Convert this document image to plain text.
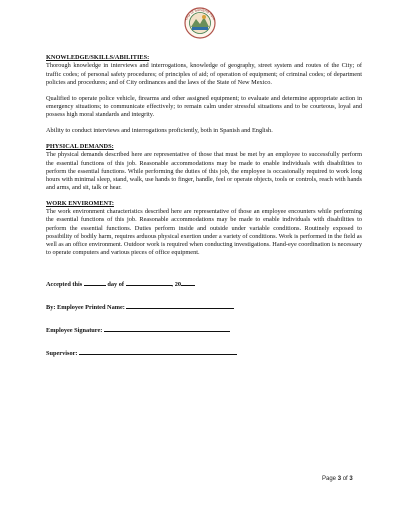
City of Sunland Park

KNOWLEDGE/SKILLS/ABILITIES:

Thorough knowledge in interviews and interrogations, knowledge of geography, street system and routes of the City; of traffic codes; of personal safety procedures; of principles of aid; of operation of equipment; of criminal codes; of department policies and procedures; and of City ordinances and the laws of the State of New Mexico.

Qualified to operate police vehicle, firearms and other assigned equipment; to evaluate and determine appropriate action in emergency situations; to communicate effectively; to remain calm under stressful situations and to be courteous, loyal and possess high moral standards and integrity.

Ability to conduct interviews and interrogations proficiently, both in Spanish and English.

PHYSICAL DEMANDS:

The physical demands described here are representative of those that must be met by an employee to successfully perform the essential functions of this job. Reasonable accommodations may be made to enable individuals with disabilities to perform the essential functions. While performing the duties of this job, the employee is occasionally required to work long hours with minimal sleep, stand, walk, use hands to finger, handle, feel or operate objects, tools or controls, reach with hands and arms, and sit, talk or hear.

WORK ENVIROMENT:

The work environment characteristics described here are representative of those an employee encounters while performing the essential functions of this job. Reasonable accommodations may be made to enable individuals with disabilities to perform the essential functions. Duties perform inside and outside under variable conditions. Routinely exposed to possibility of bodily harm, requires arduous physical exertion under a variety of conditions. Work is performed in the field as well as an office environment. Outdoor work is required when conducting investigations. Hand-eye coordination is necessary to operate computers and various pieces of office equipment.

Accepted this	day of	, 20

By: Employee Printed Name:

Employee Signature:

Supervisor:

Page 3 of 3
